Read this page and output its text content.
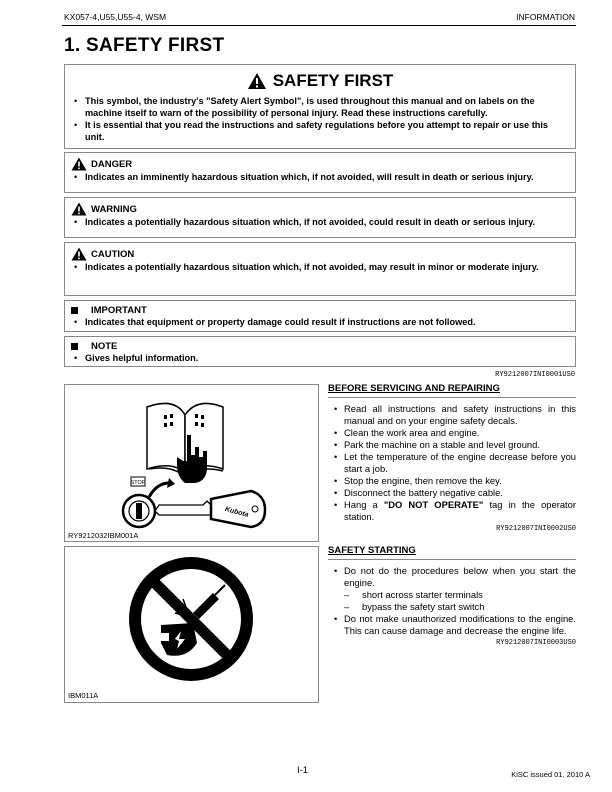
KX057-4,U55,U55-4, WSM	INFORMATION
1. SAFETY FIRST
SAFETY FIRST
• This symbol, the industry's "Safety Alert Symbol", is used throughout this manual and on labels on the machine itself to warn of the possibility of personal injury. Read these instructions carefully.
• It is essential that you read the instructions and safety regulations before you attempt to repair or use this unit.
DANGER
• Indicates an imminently hazardous situation which, if not avoided, will result in death or serious injury.
WARNING
• Indicates a potentially hazardous situation which, if not avoided, could result in death or serious injury.
CAUTION
• Indicates a potentially hazardous situation which, if not avoided, may result in minor or moderate injury.
IMPORTANT
• Indicates that equipment or property damage could result if instructions are not followed.
NOTE
• Gives helpful information.
RY9212007INI0001US0
STOP
Kubota
RY9212032IBM001A
IBM011A
BEFORE SERVICING AND REPAIRING
• Read all instructions and safety instructions in this manual and on your engine safety decals.
• Clean the work area and engine.
• Park the machine on a stable and level ground.
• Let the temperature of the engine decrease before you start a job.
• Stop the engine, then remove the key.
• Disconnect the battery negative cable.
• Hang a "DO NOT OPERATE" tag in the operator station.
RY9212007INI0002US0
SAFETY STARTING
• Do not do the procedures below when you start the engine.
– short across starter terminals
– bypass the safety start switch
• Do not make unauthorized modifications to the engine. This can cause damage and decrease the engine life.
RY9212007INI0003US0
I-1	KiSC issued 01, 2010 A
